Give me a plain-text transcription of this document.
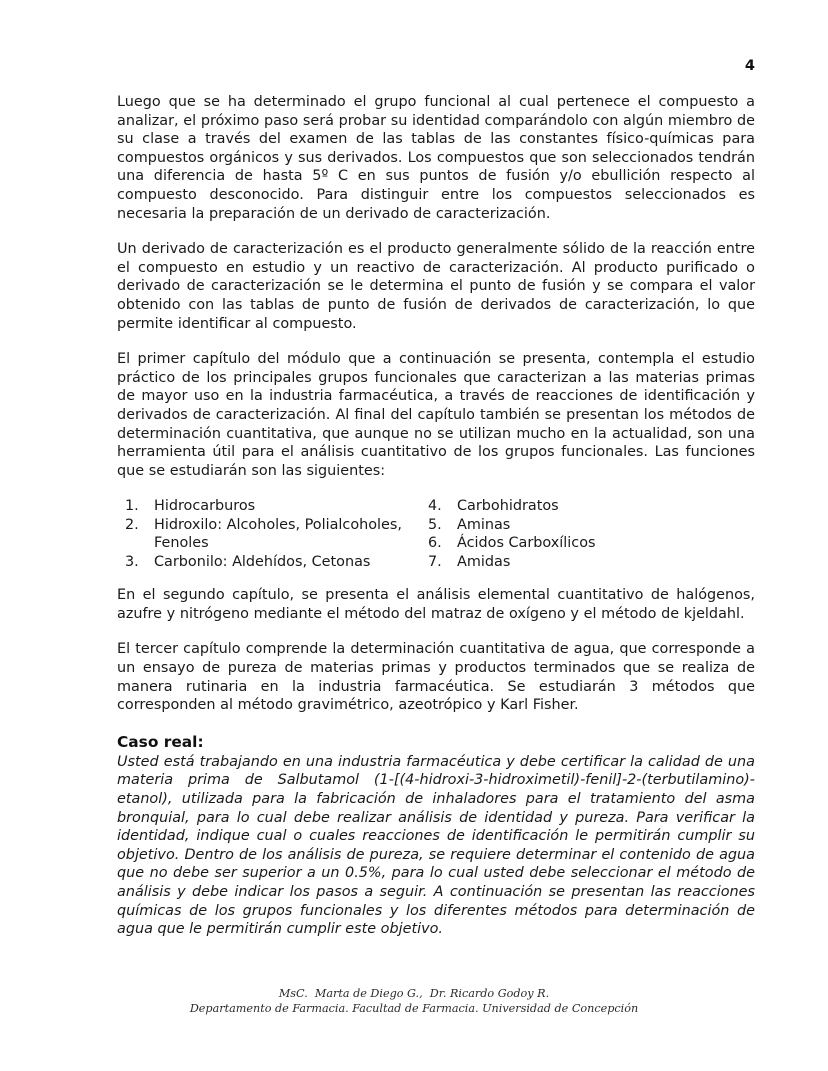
4

Luego que se ha determinado el grupo funcional al cual pertenece el compuesto a analizar, el próximo paso será probar su identidad comparándolo con algún miembro de su clase a través del examen de las tablas de las constantes físico-químicas para compuestos orgánicos y sus derivados. Los compuestos que son seleccionados tendrán una diferencia de hasta 5º C en sus puntos de fusión y/o ebullición respecto al compuesto desconocido. Para distinguir entre los compuestos seleccionados es necesaria la preparación de un derivado de caracterización.

Un derivado de caracterización es el producto generalmente sólido de la reacción entre el compuesto en estudio y un reactivo de caracterización. Al producto purificado o derivado de caracterización se le determina el punto de fusión y se compara el valor obtenido con las tablas de punto de fusión de derivados de caracterización, lo que permite identificar al compuesto.

El primer capítulo del módulo que a continuación se presenta, contempla el estudio práctico de los principales grupos funcionales que caracterizan a las materias primas de mayor uso en la industria farmacéutica, a través de reacciones de identificación y derivados de caracterización. Al final del capítulo también se presentan los métodos de determinación cuantitativa, que aunque no se utilizan mucho en la actualidad, son una herramienta útil para el análisis cuantitativo de los grupos funcionales. Las funciones que se estudiarán son las siguientes:

1.	Hidrocarburos
2.	Hidroxilo: Alcoholes, Polialcoholes, Fenoles
3.	Carbonilo: Aldehídos, Cetonas
4.	Carbohidratos
5.	Aminas
6.	Ácidos Carboxílicos
7.	Amidas

En el segundo capítulo, se presenta el análisis elemental cuantitativo de halógenos, azufre y nitrógeno mediante el método del matraz de oxígeno y el método de kjeldahl.

El tercer capítulo comprende la determinación cuantitativa de agua, que corresponde a un ensayo de pureza de materias primas y productos terminados que se realiza de manera rutinaria en la industria farmacéutica. Se estudiarán 3 métodos que corresponden al método gravimétrico, azeotrópico y Karl Fisher.

Caso real:

Usted está trabajando en una industria farmacéutica y debe certificar la calidad de una materia prima de Salbutamol (1-[(4-hidroxi-3-hidroximetil)-fenil]-2-(terbutilamino)-etanol), utilizada para la fabricación de inhaladores para el tratamiento del asma bronquial, para lo cual debe realizar análisis de identidad y pureza. Para verificar la identidad, indique cual o cuales reacciones de identificación le permitirán cumplir su objetivo. Dentro de los análisis de pureza, se requiere determinar el contenido de agua que no debe ser superior a un 0.5%, para lo cual usted debe seleccionar el método de análisis y debe indicar los pasos a seguir. A continuación se presentan las reacciones químicas de los grupos funcionales y los diferentes métodos para determinación de agua que le permitirán cumplir este objetivo.

MsC.  Marta de Diego G.,  Dr. Ricardo Godoy R.
Departamento de Farmacia. Facultad de Farmacia. Universidad de Concepción
